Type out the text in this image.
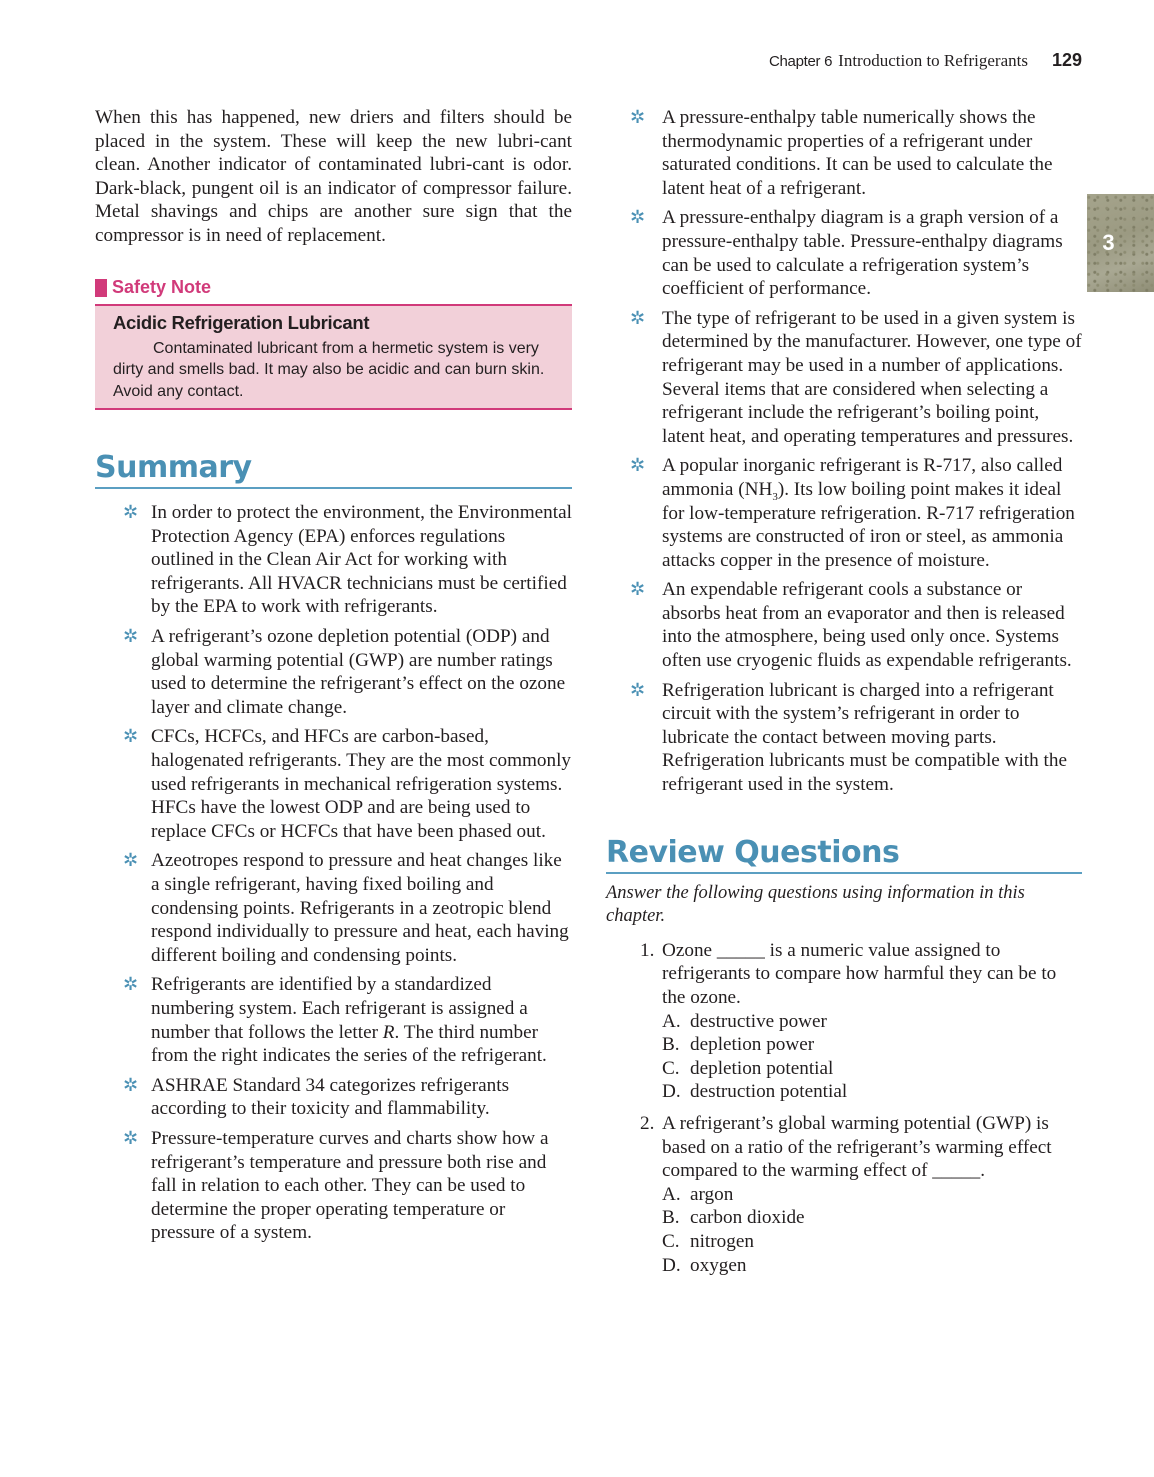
Chapter 6 Introduction to Refrigerants 129
3

When this has happened, new driers and filters should be placed in the system. These will keep the new lubri-cant clean. Another indicator of contaminated lubri-cant is odor. Dark-black, pungent oil is an indicator of compressor failure. Metal shavings and chips are another sure sign that the compressor is in need of replacement.

Safety Note

Acidic Refrigeration Lubricant

Contaminated lubricant from a hermetic system is very dirty and smells bad. It may also be acidic and can burn skin. Avoid any contact.

Summary
✲ In order to protect the environment, the Environmental Protection Agency (EPA) enforces regulations outlined in the Clean Air Act for working with refrigerants. All HVACR technicians must be certified by the EPA to work with refrigerants.
✲ A refrigerant’s ozone depletion potential (ODP) and global warming potential (GWP) are number ratings used to determine the refrigerant’s effect on the ozone layer and climate change.
✲ CFCs, HCFCs, and HFCs are carbon-based, halogenated refrigerants. They are the most commonly used refrigerants in mechanical refrigeration systems. HFCs have the lowest ODP and are being used to replace CFCs or HCFCs that have been phased out.
✲ Azeotropes respond to pressure and heat changes like a single refrigerant, having fixed boiling and condensing points. Refrigerants in a zeotropic blend respond individually to pressure and heat, each having different boiling and condensing points.
✲ Refrigerants are identified by a standardized numbering system. Each refrigerant is assigned a number that follows the letter R. The third number from the right indicates the series of the refrigerant.
✲ ASHRAE Standard 34 categorizes refrigerants according to their toxicity and flammability.
✲ Pressure-temperature curves and charts show how a refrigerant’s temperature and pressure both rise and fall in relation to each other. They can be used to determine the proper operating temperature or pressure of a system.
✲ A pressure-enthalpy table numerically shows the thermodynamic properties of a refrigerant under saturated conditions. It can be used to calculate the latent heat of a refrigerant.
✲ A pressure-enthalpy diagram is a graph version of a pressure-enthalpy table. Pressure-enthalpy diagrams can be used to calculate a refrigeration system’s coefficient of performance.
✲ The type of refrigerant to be used in a given system is determined by the manufacturer. However, one type of refrigerant may be used in a number of applications. Several items that are considered when selecting a refrigerant include the refrigerant’s boiling point, latent heat, and operating temperatures and pressures.
✲ A popular inorganic refrigerant is R-717, also called ammonia $(NH_3)$. Its low boiling point makes it ideal for low-temperature refrigeration. R-717 refrigeration systems are constructed of iron or steel, as ammonia attacks copper in the presence of moisture.
✲ An expendable refrigerant cools a substance or absorbs heat from an evaporator and then is released into the atmosphere, being used only once. Systems often use cryogenic fluids as expendable refrigerants.
✲ Refrigeration lubricant is charged into a refrigerant circuit with the system’s refrigerant in order to lubricate the contact between moving parts. Refrigeration lubricants must be compatible with the refrigerant used in the system.
Review Questions

Answer the following questions using information in this chapter.

1. Ozone _____ is a numeric value assigned to refrigerants to compare how harmful they can be to the ozone.
A. destructive power
B. depletion power
C. depletion potential
D. destruction potential
2. A refrigerant’s global warming potential (GWP) is based on a ratio of the refrigerant’s warming effect compared to the warming effect of _____.
A. argon
B. carbon dioxide
C. nitrogen
D. oxygen
